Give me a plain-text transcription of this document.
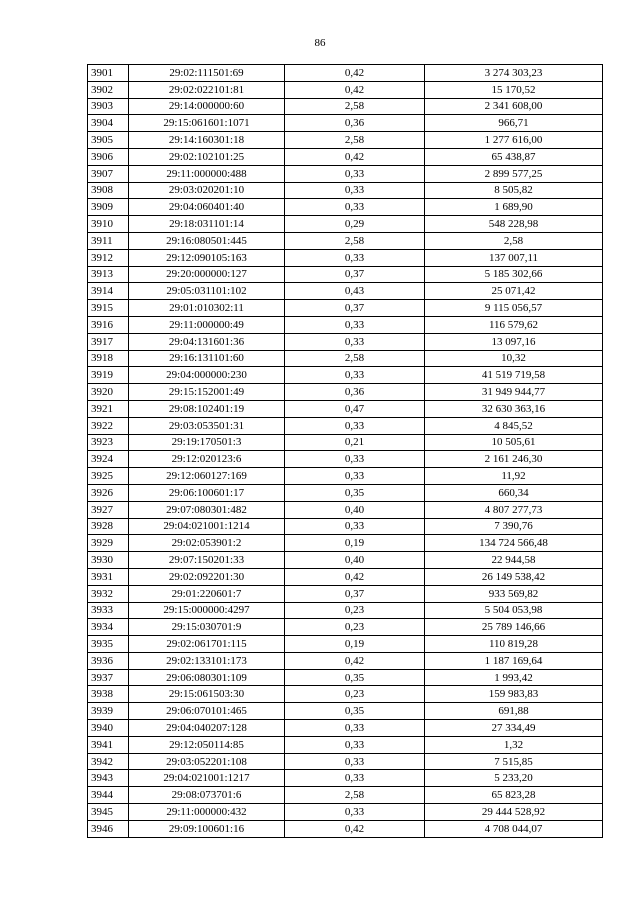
86
3901	29:02:111501:69	0,42	3 274 303,23
3902	29:02:022101:81	0,42	15 170,52
3903	29:14:000000:60	2,58	2 341 608,00
3904	29:15:061601:1071	0,36	966,71
3905	29:14:160301:18	2,58	1 277 616,00
3906	29:02:102101:25	0,42	65 438,87
3907	29:11:000000:488	0,33	2 899 577,25
3908	29:03:020201:10	0,33	8 505,82
3909	29:04:060401:40	0,33	1 689,90
3910	29:18:031101:14	0,29	548 228,98
3911	29:16:080501:445	2,58	2,58
3912	29:12:090105:163	0,33	137 007,11
3913	29:20:000000:127	0,37	5 185 302,66
3914	29:05:031101:102	0,43	25 071,42
3915	29:01:010302:11	0,37	9 115 056,57
3916	29:11:000000:49	0,33	116 579,62
3917	29:04:131601:36	0,33	13 097,16
3918	29:16:131101:60	2,58	10,32
3919	29:04:000000:230	0,33	41 519 719,58
3920	29:15:152001:49	0,36	31 949 944,77
3921	29:08:102401:19	0,47	32 630 363,16
3922	29:03:053501:31	0,33	4 845,52
3923	29:19:170501:3	0,21	10 505,61
3924	29:12:020123:6	0,33	2 161 246,30
3925	29:12:060127:169	0,33	11,92
3926	29:06:100601:17	0,35	660,34
3927	29:07:080301:482	0,40	4 807 277,73
3928	29:04:021001:1214	0,33	7 390,76
3929	29:02:053901:2	0,19	134 724 566,48
3930	29:07:150201:33	0,40	22 944,58
3931	29:02:092201:30	0,42	26 149 538,42
3932	29:01:220601:7	0,37	933 569,82
3933	29:15:000000:4297	0,23	5 504 053,98
3934	29:15:030701:9	0,23	25 789 146,66
3935	29:02:061701:115	0,19	110 819,28
3936	29:02:133101:173	0,42	1 187 169,64
3937	29:06:080301:109	0,35	1 993,42
3938	29:15:061503:30	0,23	159 983,83
3939	29:06:070101:465	0,35	691,88
3940	29:04:040207:128	0,33	27 334,49
3941	29:12:050114:85	0,33	1,32
3942	29:03:052201:108	0,33	7 515,85
3943	29:04:021001:1217	0,33	5 233,20
3944	29:08:073701:6	2,58	65 823,28
3945	29:11:000000:432	0,33	29 444 528,92
3946	29:09:100601:16	0,42	4 708 044,07
